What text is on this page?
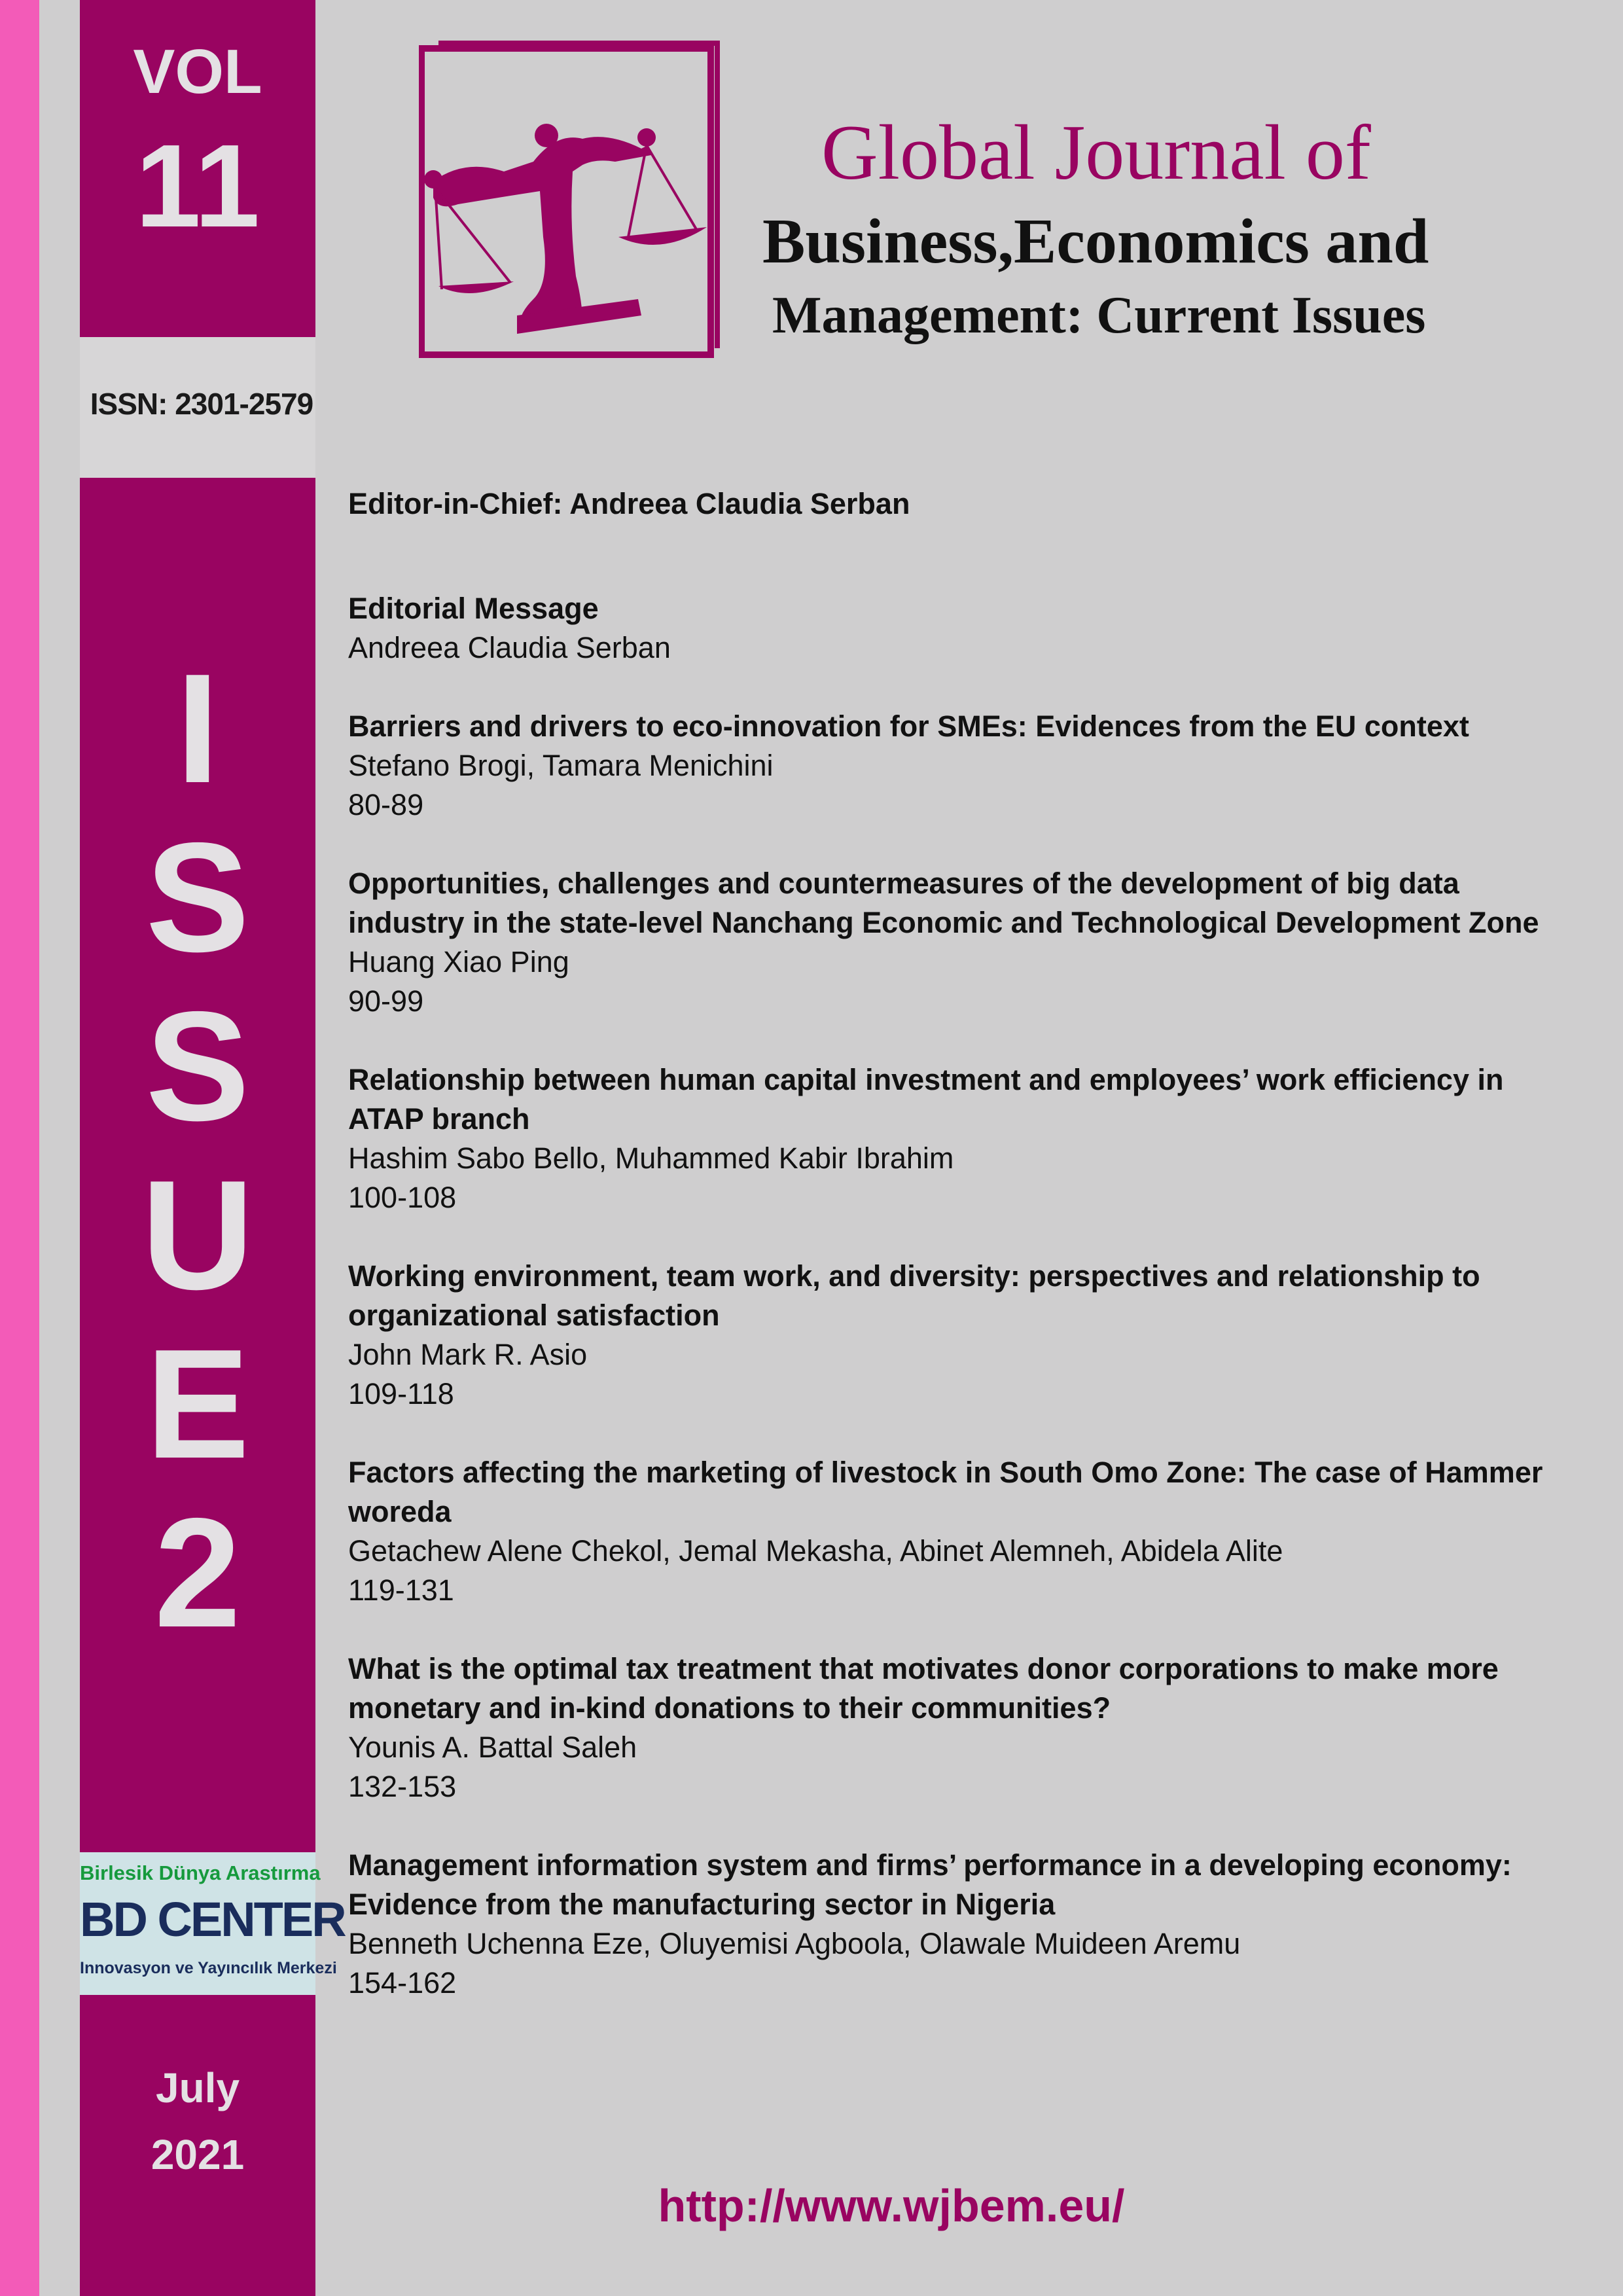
VOL
11
ISSN: 2301-2579
I
S
S
U
E
2
Birlesik Dünya Arastırma
BD CENTER
Innovasyon ve Yayıncılık Merkezi
July
2021
Global Journal of
Business,Economics and
Management: Current Issues
Editor-in-Chief: Andreea Claudia Serban
Editorial Message
Andreea Claudia Serban
Barriers and drivers to eco-innovation for SMEs: Evidences from the EU context
Stefano Brogi, Tamara Menichini
80-89
Opportunities, challenges and countermeasures of the development of big data industry in the state-level Nanchang Economic and Technological Development Zone
Huang Xiao Ping
90-99
Relationship between human capital investment and employees’ work efficiency in ATAP branch
Hashim Sabo Bello, Muhammed Kabir Ibrahim
100-108
Working environment, team work, and diversity: perspectives and relationship to organizational satisfaction
John Mark R. Asio
109-118
Factors affecting the marketing of livestock in South Omo Zone: The case of Hammer woreda
Getachew Alene Chekol, Jemal Mekasha, Abinet Alemneh, Abidela Alite
119-131
What is the optimal tax treatment that motivates donor corporations to make more monetary and in-kind donations to their communities?
Younis A. Battal Saleh
132-153
Management information system and firms’ performance in a developing economy: Evidence from the manufacturing sector in Nigeria
Benneth Uchenna Eze, Oluyemisi Agboola, Olawale Muideen Aremu
154-162
http://www.wjbem.eu/
